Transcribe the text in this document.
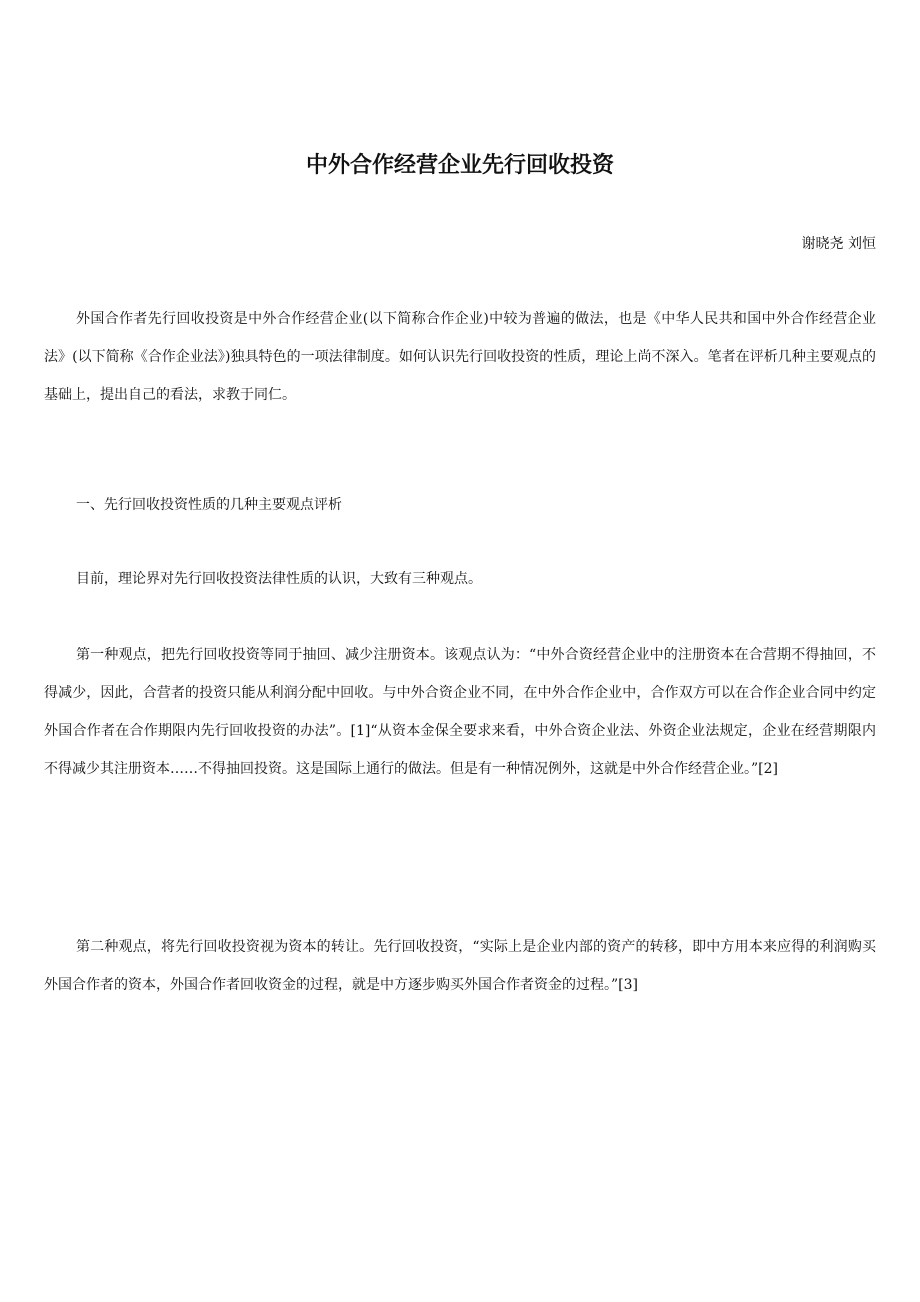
中外合作经营企业先行回收投资

谢晓尧 刘恒

外国合作者先行回收投资是中外合作经营企业(以下简称合作企业)中较为普遍的做法，也是《中华人民共和国中外合作经营企业法》(以下简称《合作企业法》)独具特色的一项法律制度。如何认识先行回收投资的性质，理论上尚不深入。笔者在评析几种主要观点的基础上，提出自己的看法，求教于同仁。

一、先行回收投资性质的几种主要观点评析

目前，理论界对先行回收投资法律性质的认识，大致有三种观点。

第一种观点，把先行回收投资等同于抽回、减少注册资本。该观点认为：“中外合资经营企业中的注册资本在合营期不得抽回，不得减少，因此，合营者的投资只能从利润分配中回收。与中外合资企业不同，在中外合作企业中，合作双方可以在合作企业合同中约定外国合作者在合作期限内先行回收投资的办法”。[1]“从资本金保全要求来看，中外合资企业法、外资企业法规定，企业在经营期限内不得减少其注册资本……不得抽回投资。这是国际上通行的做法。但是有一种情况例外，这就是中外合作经营企业。”[2]

第二种观点，将先行回收投资视为资本的转让。先行回收投资，“实际上是企业内部的资产的转移，即中方用本来应得的利润购买外国合作者的资本，外国合作者回收资金的过程，就是中方逐步购买外国合作者资金的过程。”[3]
